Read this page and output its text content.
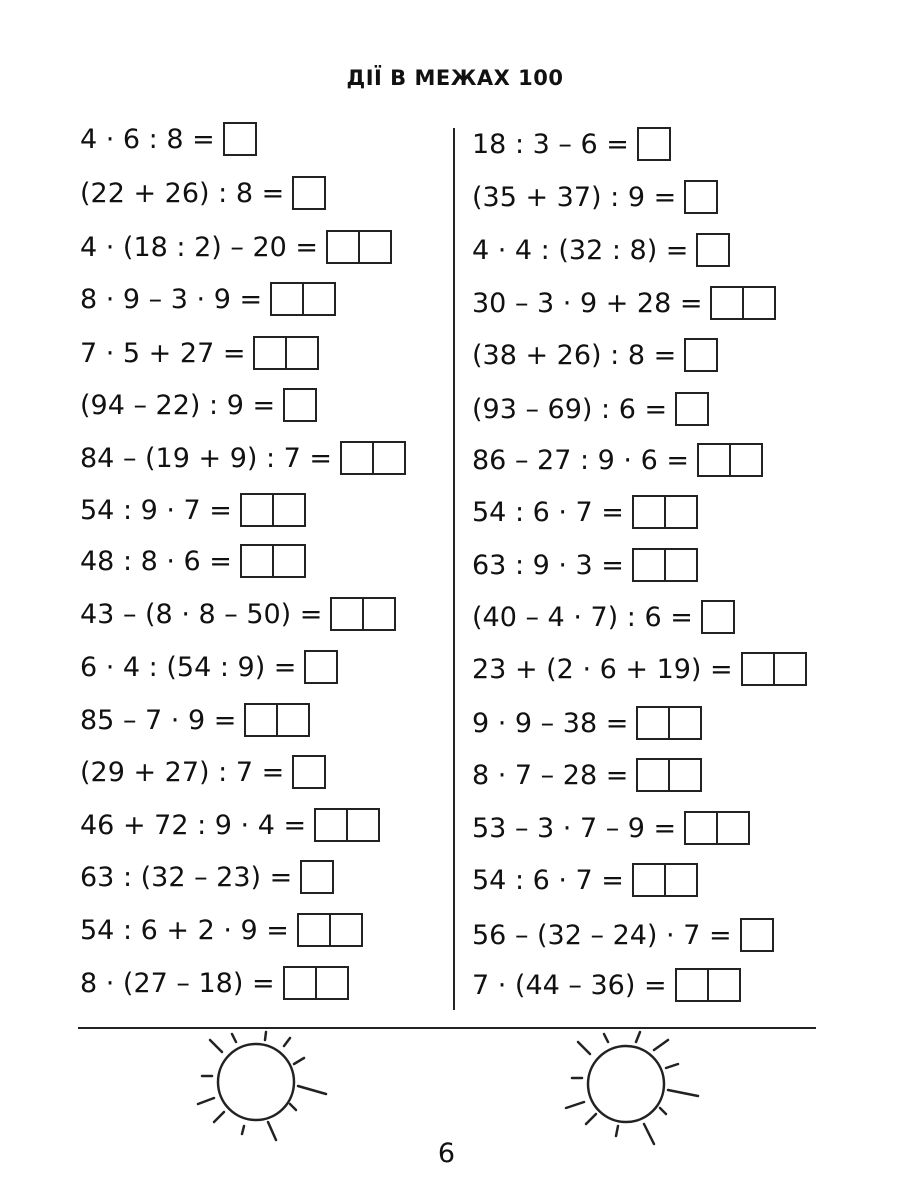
ДІЇ В МЕЖАХ 100
4 · 6 : 8 =
(22 + 26) : 8 =
4 · (18 : 2) – 20 =
8 · 9 – 3 · 9 =
7 · 5 + 27 =
(94 – 22) : 9 =
84 – (19 + 9) : 7 =
54 : 9 · 7 =
48 : 8 · 6 =
43 – (8 · 8 – 50) =
6 · 4 : (54 : 9) =
85 – 7 · 9 =
(29 + 27) : 7 =
46 + 72 : 9 · 4 =
63 : (32 – 23) =
54 : 6 + 2 · 9 =
8 · (27 – 18) =
18 : 3 – 6 =
(35 + 37) : 9 =
4 · 4 : (32 : 8) =
30 – 3 · 9 + 28 =
(38 + 26) : 8 =
(93 – 69) : 6 =
86 – 27 : 9 · 6 =
54 : 6 · 7 =
63 : 9 · 3 =
(40 – 4 · 7) : 6 =
23 + (2 · 6 + 19) =
9 · 9 – 38 =
8 · 7 – 28 =
53 – 3 · 7 – 9 =
54 : 6 · 7 =
56 – (32 – 24) · 7 =
7 · (44 – 36) =
6
